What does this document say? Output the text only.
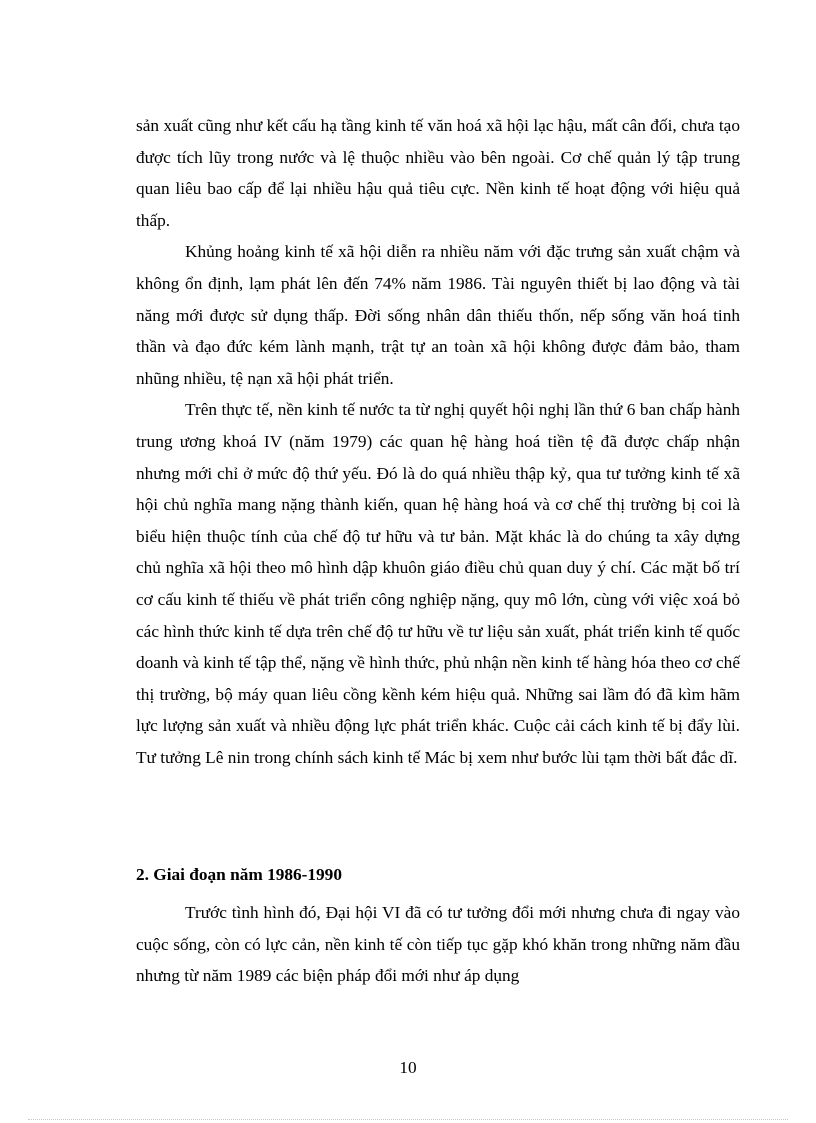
sản xuất cũng như kết cấu hạ tầng kinh tế văn hoá xã hội lạc hậu, mất cân đối, chưa tạo được tích lũy trong nước và lệ thuộc nhiều vào bên ngoài. Cơ chế quản lý tập trung quan liêu bao cấp để lại nhiều hậu quả tiêu cực. Nền kinh tế hoạt động với hiệu quả thấp.

Khủng hoảng kinh tế xã hội diễn ra nhiều năm với đặc trưng sản xuất chậm và không ổn định, lạm phát lên đến 74% năm 1986. Tài nguyên thiết bị lao động và tài năng mới được sử dụng thấp. Đời sống nhân dân thiếu thốn, nếp sống văn hoá tinh thần và đạo đức kém lành mạnh, trật tự an toàn xã hội không được đảm bảo, tham nhũng nhiều, tệ nạn xã hội phát triển.

Trên thực tế, nền kinh tế nước ta từ nghị quyết hội nghị lần thứ 6 ban chấp hành trung ương khoá IV (năm 1979) các quan hệ hàng hoá tiền tệ đã được chấp nhận nhưng mới chỉ ở mức độ thứ yếu. Đó là do quá nhiều thập kỷ, qua tư tưởng kinh tế xã hội chủ nghĩa mang nặng thành kiến, quan hệ hàng hoá và cơ chế thị trường bị coi là biểu hiện thuộc tính của chế độ tư hữu và tư bản. Mặt khác là do chúng ta xây dựng chủ nghĩa xã hội theo mô hình dập khuôn giáo điều chủ quan duy ý chí. Các mặt bố trí cơ cấu kinh tế thiếu về phát triển công nghiệp nặng, quy mô lớn, cùng với việc xoá bỏ các hình thức kinh tế dựa trên chế độ tư hữu về tư liệu sản xuất, phát triển kinh tế quốc doanh và kinh tế tập thể, nặng về hình thức, phủ nhận nền kinh tế hàng hóa theo cơ chế thị trường, bộ máy quan liêu cồng kềnh kém hiệu quả. Những sai lầm đó đã kìm hãm lực lượng sản xuất và nhiều động lực phát triển khác. Cuộc cải cách kinh tế bị đẩy lùi. Tư tưởng Lê nin trong chính sách kinh tế Mác bị xem như bước lùi tạm thời bất đắc dĩ.

2. Giai đoạn năm 1986-1990

Trước tình hình đó, Đại hội VI đã có tư tưởng đổi mới nhưng chưa đi ngay vào cuộc sống, còn có lực cản, nền kinh tế còn tiếp tục gặp khó khăn trong những năm đầu nhưng từ năm 1989 các biện pháp đổi mới như áp dụng

10
